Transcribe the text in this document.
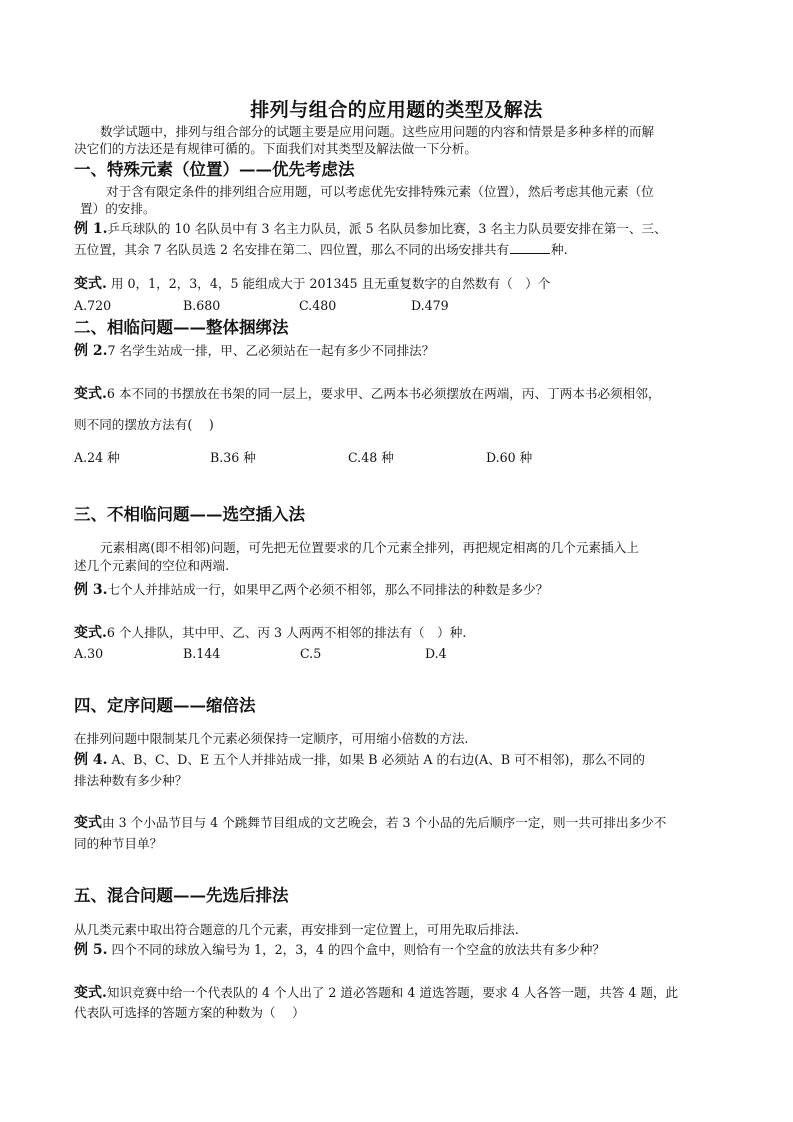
排列与组合的应用题的类型及解法
数学试题中，排列与组合部分的试题主要是应用问题。这些应用问题的内容和情景是多种多样的而解
决它们的方法还是有规律可循的。下面我们对其类型及解法做一下分析。
一、特殊元素（位置）——优先考虑法
对于含有限定条件的排列组合应用题，可以考虑优先安排特殊元素（位置），然后考虑其他元素（位
置）的安排。
例 1.乒乓球队的 10 名队员中有 3 名主力队员，派 5 名队员参加比赛，3 名主力队员要安排在第一、三、
五位置，其余 7 名队员选 2 名安排在第二、四位置，那么不同的出场安排共有	种.
变式. 用 0，1，2，3，4，5 能组成大于 201345 且无重复数字的自然数有（　）个
A.720	B.680	C.480	D.479
二、相临问题——整体捆绑法
例 2.7 名学生站成一排，甲、乙必须站在一起有多少不同排法？
变式.6 本不同的书摆放在书架的同一层上，要求甲、乙两本书必须摆放在两端，丙、丁两本书必须相邻，
则不同的摆放方法有(　 )
A.24 种	B.36 种	C.48 种	D.60 种
三、不相临问题——选空插入法
元素相离(即不相邻)问题，可先把无位置要求的几个元素全排列，再把规定相离的几个元素插入上
述几个元素间的空位和两端.
例 3.七个人并排站成一行，如果甲乙两个必须不相邻，那么不同排法的种数是多少？
变式.6 个人排队，其中甲、乙、丙 3 人两两不相邻的排法有（　）种.
A.30	B.144	C.5	D.4
四、定序问题——缩倍法
在排列问题中限制某几个元素必须保持一定顺序，可用缩小倍数的方法.
例 4. A、B、C、D、E 五个人并排站成一排，如果 B 必须站 A 的右边(A、B 可不相邻)，那么不同的
排法种数有多少种？
变式由 3 个小品节目与 4 个跳舞节目组成的文艺晚会，若 3 个小品的先后顺序一定，则一共可排出多少不
同的种节目单？
五、混合问题——先选后排法
从几类元素中取出符合题意的几个元素，再安排到一定位置上，可用先取后排法.
例 5. 四个不同的球放入编号为 1，2，3，4 的四个盒中，则恰有一个空盒的放法共有多少种？
变式.知识竞赛中给一个代表队的 4 个人出了 2 道必答题和 4 道选答题，要求 4 人各答一题，共答 4 题，此
代表队可选择的答题方案的种数为（　 ）
